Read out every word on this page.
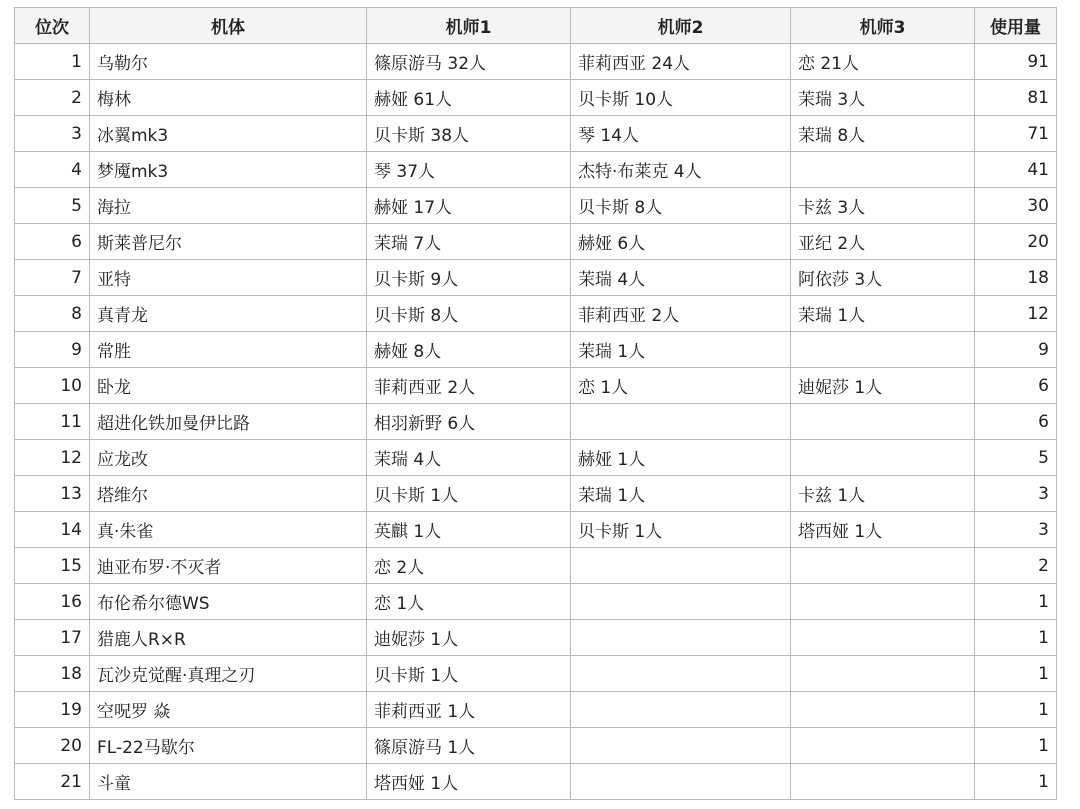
位次	机体	机师1	机师2	机师3	使用量
1	乌勒尔	篠原游马 32人	菲莉西亚 24人	恋 21人	91
2	梅林	赫娅 61人	贝卡斯 10人	茉瑞 3人	81
3	冰翼mk3	贝卡斯 38人	琴 14人	茉瑞 8人	71
4	梦魇mk3	琴 37人	杰特·布莱克 4人		41
5	海拉	赫娅 17人	贝卡斯 8人	卡兹 3人	30
6	斯莱普尼尔	茉瑞 7人	赫娅 6人	亚纪 2人	20
7	亚特	贝卡斯 9人	茉瑞 4人	阿依莎 3人	18
8	真青龙	贝卡斯 8人	菲莉西亚 2人	茉瑞 1人	12
9	常胜	赫娅 8人	茉瑞 1人		9
10	卧龙	菲莉西亚 2人	恋 1人	迪妮莎 1人	6
11	超进化铁加曼伊比路	相羽新野 6人			6
12	应龙改	茉瑞 4人	赫娅 1人		5
13	塔维尔	贝卡斯 1人	茉瑞 1人	卡兹 1人	3
14	真·朱雀	英麒 1人	贝卡斯 1人	塔西娅 1人	3
15	迪亚布罗·不灭者	恋 2人			2
16	布伦希尔德WS	恋 1人			1
17	猎鹿人R×R	迪妮莎 1人			1
18	瓦沙克觉醒·真理之刃	贝卡斯 1人			1
19	空呪罗 焱	菲莉西亚 1人			1
20	FL-22马歇尔	篠原游马 1人			1
21	斗童	塔西娅 1人			1
